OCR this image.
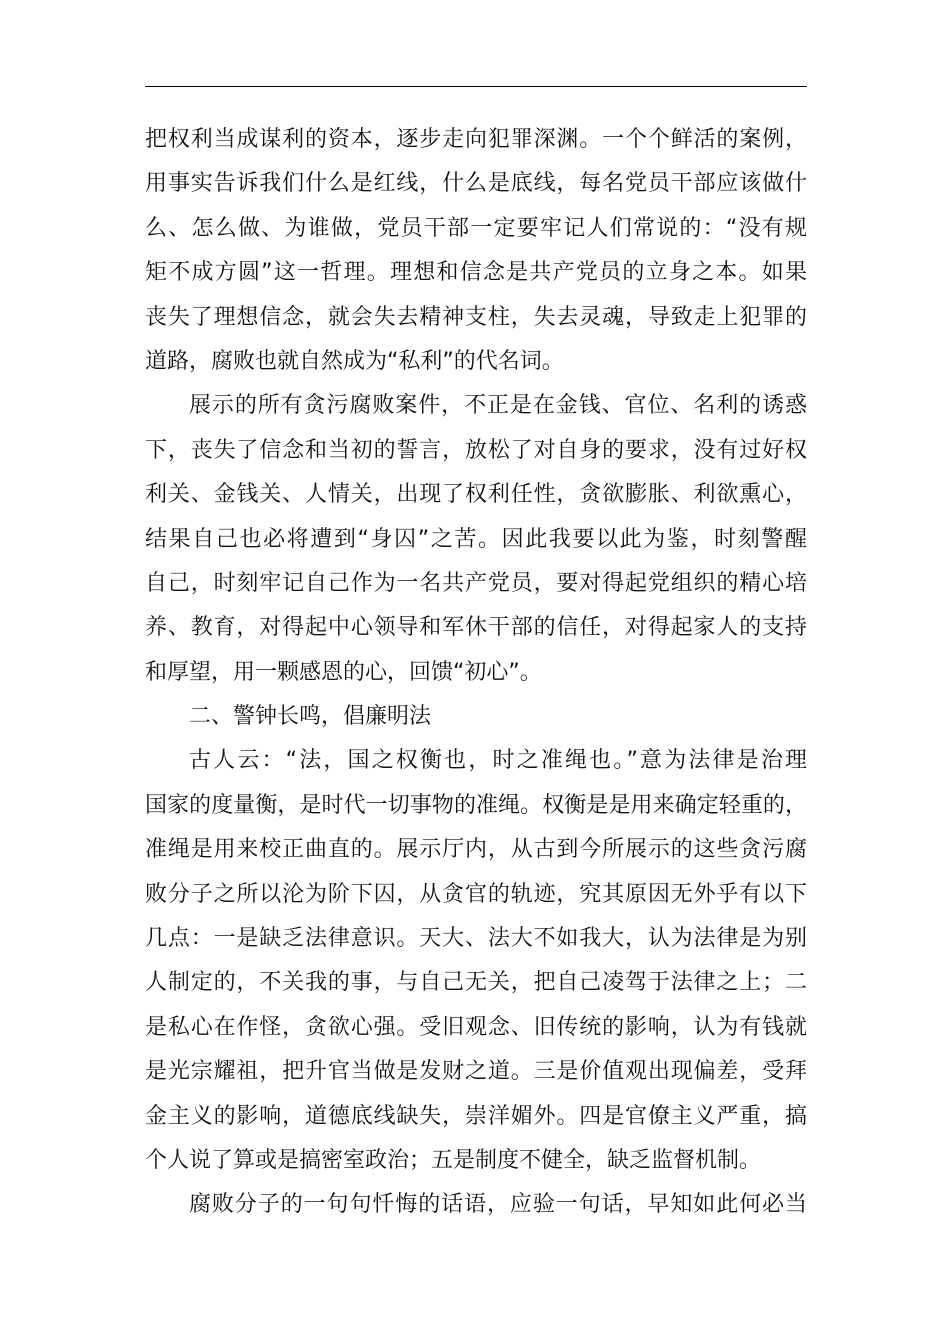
把权利当成谋利的资本，逐步走向犯罪深渊。一个个鲜活的案例，
用事实告诉我们什么是红线，什么是底线，每名党员干部应该做什
么、怎么做、为谁做，党员干部一定要牢记人们常说的：“没有规
矩不成方圆”这一哲理。理想和信念是共产党员的立身之本。如果
丧失了理想信念，就会失去精神支柱，失去灵魂，导致走上犯罪的
道路，腐败也就自然成为“私利”的代名词。
展示的所有贪污腐败案件，不正是在金钱、官位、名利的诱惑
下，丧失了信念和当初的誓言，放松了对自身的要求，没有过好权
利关、金钱关、人情关，出现了权利任性，贪欲膨胀、利欲熏心，
结果自己也必将遭到“身囚”之苦。因此我要以此为鉴，时刻警醒
自己，时刻牢记自己作为一名共产党员，要对得起党组织的精心培
养、教育，对得起中心领导和军休干部的信任，对得起家人的支持
和厚望，用一颗感恩的心，回馈“初心”。
二、警钟长鸣，倡廉明法
古人云：“法，国之权衡也，时之准绳也。”意为法律是治理
国家的度量衡，是时代一切事物的准绳。权衡是是用来确定轻重的，
准绳是用来校正曲直的。展示厅内，从古到今所展示的这些贪污腐
败分子之所以沦为阶下囚，从贪官的轨迹，究其原因无外乎有以下
几点：一是缺乏法律意识。天大、法大不如我大，认为法律是为别
人制定的，不关我的事，与自己无关，把自己凌驾于法律之上；二
是私心在作怪，贪欲心强。受旧观念、旧传统的影响，认为有钱就
是光宗耀祖，把升官当做是发财之道。三是价值观出现偏差，受拜
金主义的影响，道德底线缺失，崇洋媚外。四是官僚主义严重，搞
个人说了算或是搞密室政治；五是制度不健全，缺乏监督机制。
腐败分子的一句句忏悔的话语，应验一句话，早知如此何必当
